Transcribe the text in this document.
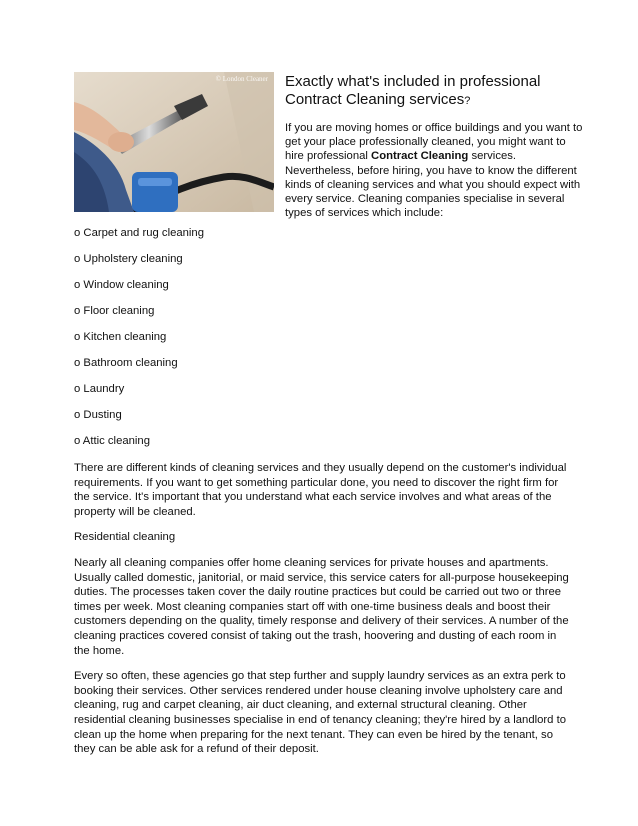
© London Cleaner Exactly what's included in professional Contract Cleaning services?

If you are moving homes or office buildings and you want to get your place professionally cleaned, you might want to hire professional Contract Cleaning services. Nevertheless, before hiring, you have to know the different kinds of cleaning services and what you should expect with every service. Cleaning companies specialise in several types of services which include:

o Carpet and rug cleaning
o Upholstery cleaning
o Window cleaning
o Floor cleaning
o Kitchen cleaning
o Bathroom cleaning
o Laundry
o Dusting
o Attic cleaning

There are different kinds of cleaning services and they usually depend on the customer's individual requirements. If you want to get something particular done, you need to discover the right firm for the service. It's important that you understand what each service involves and what areas of the property will be cleaned.

Residential cleaning

Nearly all cleaning companies offer home cleaning services for private houses and apartments. Usually called domestic, janitorial, or maid service, this service caters for all-purpose housekeeping duties. The processes taken cover the daily routine practices but could be carried out two or three times per week. Most cleaning companies start off with one-time business deals and boost their customers depending on the quality, timely response and delivery of their services. A number of the cleaning practices covered consist of taking out the trash, hoovering and dusting of each room in the home.

Every so often, these agencies go that step further and supply laundry services as an extra perk to booking their services. Other services rendered under house cleaning involve upholstery care and cleaning, rug and carpet cleaning, air duct cleaning, and external structural cleaning. Other residential cleaning businesses specialise in end of tenancy cleaning; they're hired by a landlord to clean up the home when preparing for the next tenant. They can even be hired by the tenant, so they can be able ask for a refund of their deposit.
